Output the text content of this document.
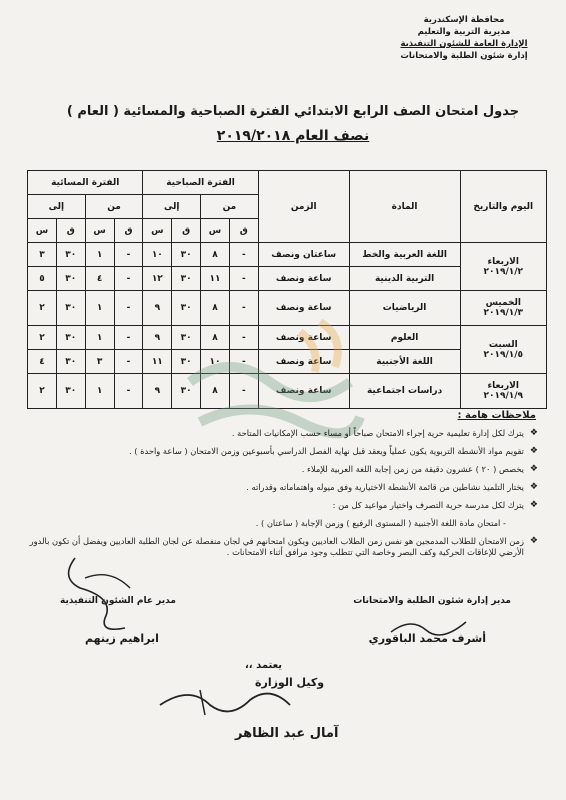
محافظة الإسكندرية
مديرية التربية والتعليم
الإدارة العامة للشئون التنفيذية
إدارة شئون الطلبة والامتحانات
جدول امتحان الصف الرابع الابتدائي الفترة الصباحية والمسائية ( العام )
نصف العام ٢٠١٩/٢٠١٨
اليوم والتاريخ	المادة	الزمن	الفترة الصباحية				الفترة المسائية			
			من		إلى		من		إلى	
			ق	س	ق	س	ق	س	ق	س

الاربعاء
٢٠١٩/١/٢	اللغة العربية والخط	ساعتان ونصف	-	٨	٣٠	١٠	-	١	٣٠	٣
	التربية الدينية	ساعة ونصف	-	١١	٣٠	١٢	-	٤	٣٠	٥

الخميس
٢٠١٩/١/٣	الرياضيات	ساعة ونصف	-	٨	٣٠	٩	-	١	٣٠	٢

السبت
٢٠١٩/١/٥	العلوم	ساعة ونصف	-	٨	٣٠	٩	-	١	٣٠	٢
	اللغة الأجنبية	ساعة ونصف	-	١٠	٣٠	١١	-	٣	٣٠	٤

الاربعاء
٢٠١٩/١/٩	دراسات اجتماعية	ساعة ونصف	-	٨	٣٠	٩	-	١	٣٠	٢
ملاحظات هامة :
❖
يترك لكل إدارة تعليمية حرية إجراء الامتحان صباحاً أو مساء حسب الإمكانيات المتاحة .
❖
تقويم مواد الأنشطة التربوية يكون عملياً ويعقد قبل نهاية الفصل الدراسي بأسبوعين وزمن الامتحان ( ساعة واحدة ) .
❖
يخصص ( ٢٠ ) عشرون دقيقة من زمن إجابة اللغة العربية للإملاء .
❖
يختار التلميذ نشاطين من قائمة الأنشطة الاختيارية وفق ميوله واهتماماته وقدراته .
❖
يترك لكل مدرسة حرية التصرف واختيار مواعيد كل من :
- امتحان مادة اللغة الأجنبية ( المستوى الرفيع ) وزمن الإجابة ( ساعتان ) .
❖
زمن الامتحان للطلاب المدمجين هو نفس زمن الطلاب العاديين ويكون امتحانهم في لجان منفصلة عن لجان الطلبة العاديين ويفضل أن تكون بالدور الأرضي للإعاقات الحركية وكف البصر وخاصة التي تتطلب وجود مرافق أثناء الامتحانات .
مدير إدارة شئون الطلبة والامتحانات
أشرف محمد الباقوري
مدير عام الشئون التنفيذية
ابراهيم زينهم
يعتمد ،،
وكيل الوزارة
آمال عبد الظاهر
